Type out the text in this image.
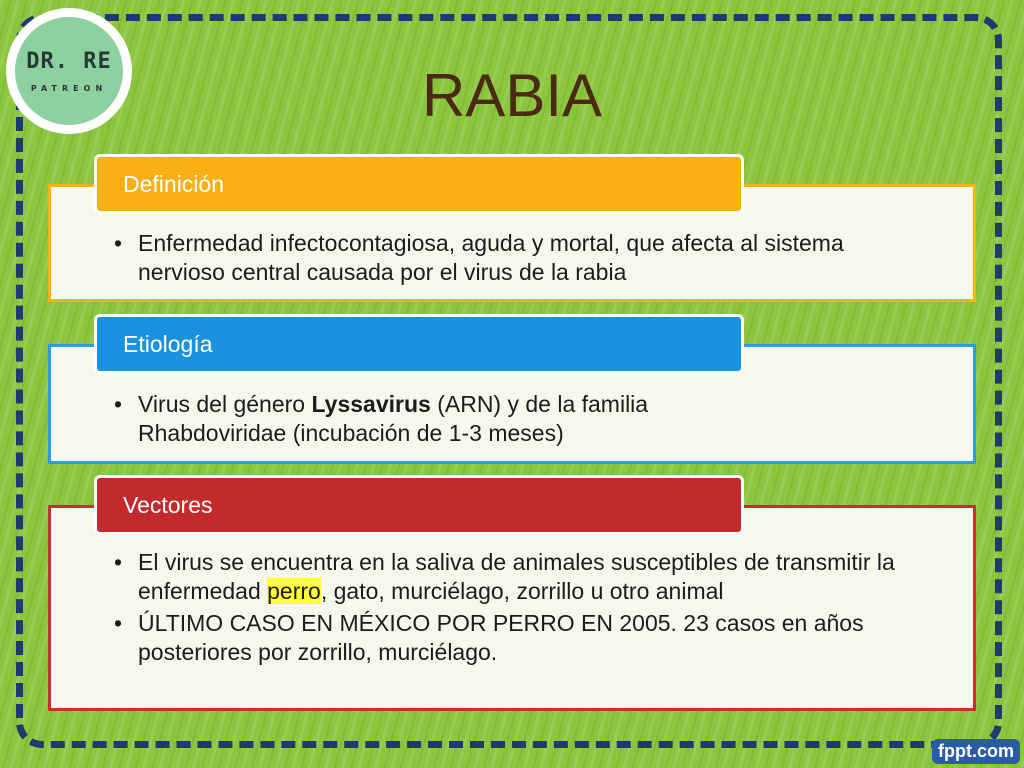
DR. RE
PATREON	RABIA
Definición
• Enfermedad infectocontagiosa, aguda y mortal, que afecta al sistema nervioso central causada por el virus de la rabia
Etiología
• Virus del género Lyssavirus (ARN) y de la familia Rhabdoviridae (incubación de 1-3 meses)
Vectores
• El virus se encuentra en la saliva de animales susceptibles de transmitir la enfermedad perro, gato, murciélago, zorrillo u otro animal
• ÚLTIMO CASO EN MÉXICO POR PERRO EN 2005. 23 casos en años posteriores por zorrillo, murciélago.
fppt.com
